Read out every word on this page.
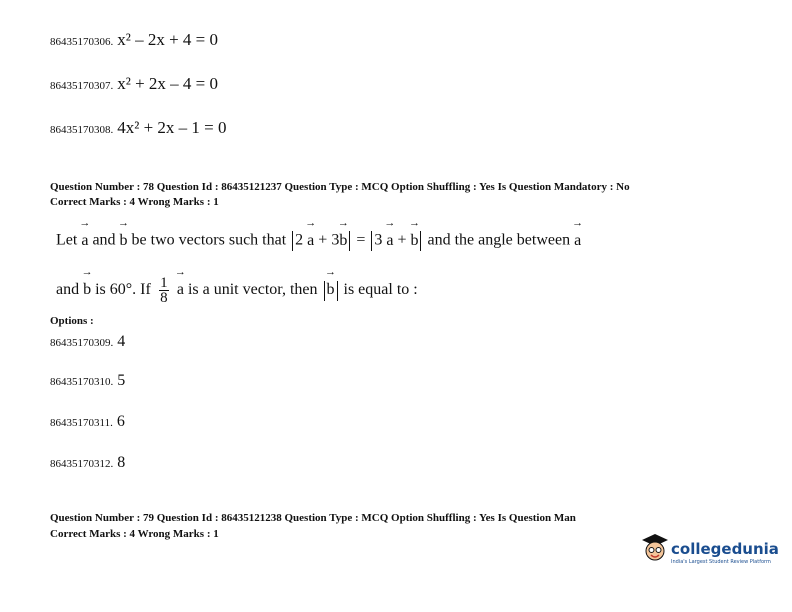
86435170306. x² – 2x + 4 = 0
86435170307. x² + 2x – 4 = 0
86435170308. 4x² + 2x – 1 = 0
Question Number : 78 Question Id : 86435121237 Question Type : MCQ Option Shuffling : Yes Is Question Mandatory : No
Correct Marks : 4 Wrong Marks : 1
Let → a and → b be two vectors such that 2 → a + 3→ b = 3 → a + → b and the angle between → a
and → b is 60°. If $\frac{1}{8}$
→ a is a unit vector, then → b is equal to :
Options :
86435170309. 4
86435170310. 5
86435170311. 6
86435170312. 8
Question Number : 79 Question Id : 86435121238 Question Type : MCQ Option Shuffling : Yes Is Question Man
Correct Marks : 4 Wrong Marks : 1
collegedunia
India's Largest Student Review Platform
